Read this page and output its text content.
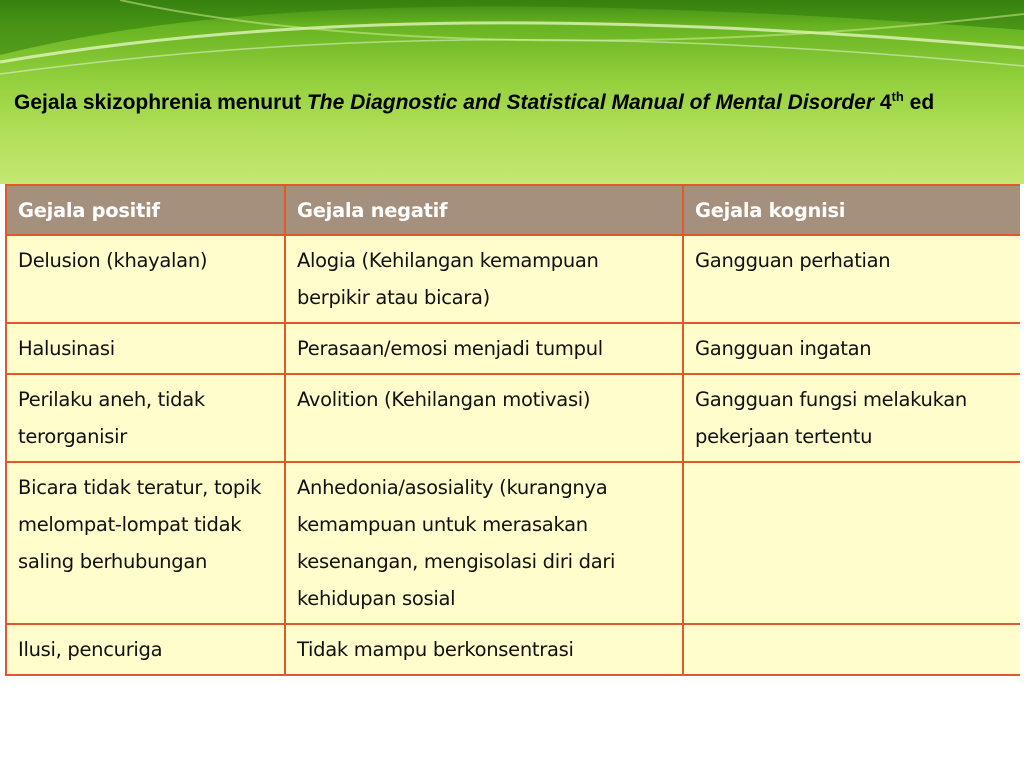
Gejala skizophrenia menurut The Diagnostic and Statistical Manual of Mental Disorder 4th ed
Gejala positif	Gejala negatif	Gejala kognisi
Delusion (khayalan)	Alogia (Kehilangan kemampuan berpikir atau bicara)	Gangguan perhatian
Halusinasi	Perasaan/emosi menjadi tumpul	Gangguan ingatan
Perilaku aneh, tidak terorganisir	Avolition (Kehilangan motivasi)	Gangguan fungsi melakukan pekerjaan tertentu
Bicara tidak teratur, topik melompat-lompat tidak saling berhubungan	Anhedonia/asosiality (kurangnya kemampuan untuk merasakan kesenangan, mengisolasi diri dari kehidupan sosial	
Ilusi, pencuriga	Tidak mampu berkonsentrasi	
